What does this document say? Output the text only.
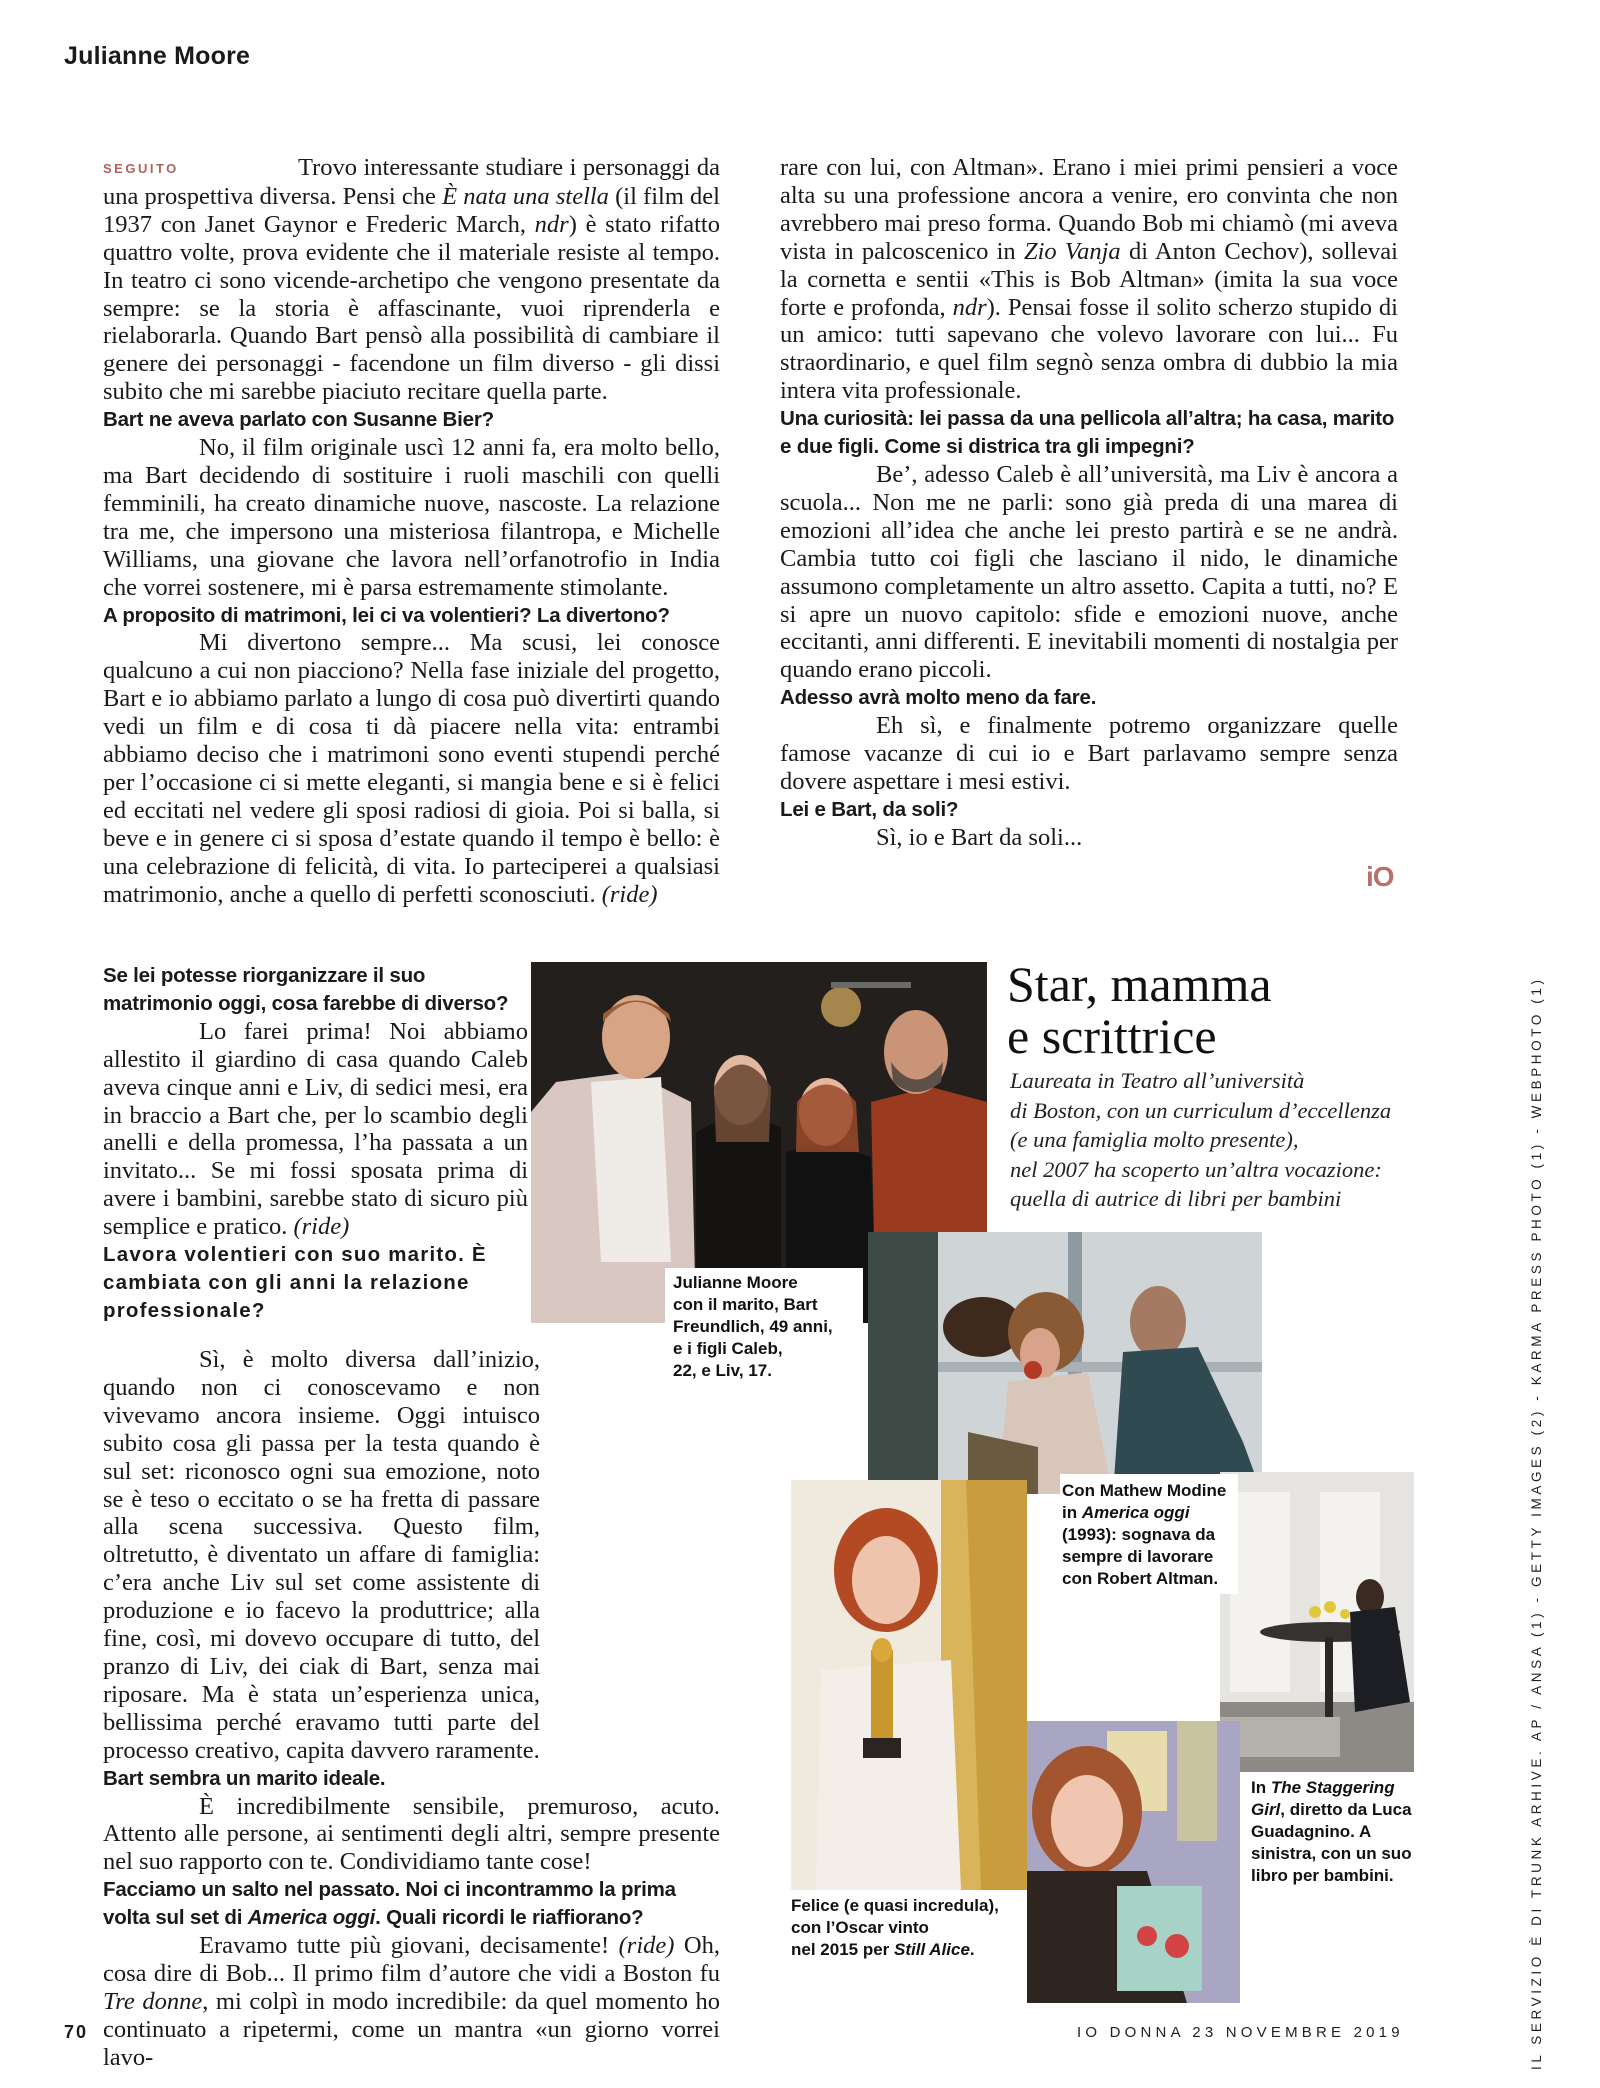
Julianne Moore

SEGUITO	Trovo interessante studiare i personaggi da una prospettiva diversa. Pensi che È nata una stella (il film del 1937 con Janet Gaynor e Frederic March, ndr) è stato rifatto quattro volte, prova evidente che il materiale resiste al tempo. In teatro ci sono vicende-archetipo che vengono presentate da sempre: se la storia è affascinante, vuoi riprenderla e rielaborarla. Quando Bart pensò alla possibilità di cambiare il genere dei personaggi - facendone un film diverso - gli dissi subito che mi sarebbe piaciuto recitare quella parte.

Bart ne aveva parlato con Susanne Bier?

No, il film originale uscì 12 anni fa, era molto bello, ma Bart decidendo di sostituire i ruoli maschili con quelli femminili, ha creato dinamiche nuove, nascoste. La relazione tra me, che impersono una misteriosa filantropa, e Michelle Williams, una giovane che lavora nell’orfanotrofio in India che vorrei sostenere, mi è parsa estremamente stimolante.

A proposito di matrimoni, lei ci va volentieri? La divertono?

Mi divertono sempre... Ma scusi, lei conosce qualcuno a cui non piacciono? Nella fase iniziale del progetto, Bart e io abbiamo parlato a lungo di cosa può divertirti quando vedi un film e di cosa ti dà piacere nella vita: entrambi abbiamo deciso che i matrimoni sono eventi stupendi perché per l’occasione ci si mette eleganti, si mangia bene e si è felici ed eccitati nel vedere gli sposi radiosi di gioia. Poi si balla, si beve e in genere ci si sposa d’estate quando il tempo è bello: è una celebrazione di felicità, di vita. Io parteciperei a qualsiasi matrimonio, anche a quello di perfetti sconosciuti. (ride)

Se lei potesse riorganizzare il suo matrimonio oggi, cosa farebbe di diverso?

Lo farei prima! Noi abbiamo allestito il giardino di casa quando Caleb aveva cinque anni e Liv, di sedici mesi, era in braccio a Bart che, per lo scambio degli anelli e della promessa, l’ha passata a un invitato... Se mi fossi sposata prima di avere i bambini, sarebbe stato di sicuro più semplice e pratico. (ride)

Lavora volentieri con suo marito. È cambiata con gli anni la relazione professionale?

Sì, è molto diversa dall’inizio, quando non ci conoscevamo e non vivevamo ancora insieme. Oggi intuisco subito cosa gli passa per la testa quando è sul set: riconosco ogni sua emozione, noto se è teso o eccitato o se ha fretta di passare alla scena successiva. Questo film, oltretutto, è diventato un affare di famiglia: c’era anche Liv sul set come assistente di produzione e io facevo la produttrice; alla fine, così, mi dovevo occupare di tutto, del pranzo di Liv, dei ciak di Bart, senza mai riposare. Ma è stata un’esperienza unica, bellissima perché eravamo tutti parte del processo creativo, capita davvero raramente.

Bart sembra un marito ideale.

È incredibilmente sensibile, premuroso, acuto. Attento alle persone, ai sentimenti degli altri, sempre presente nel suo rapporto con te. Condividiamo tante cose!

Facciamo un salto nel passato. Noi ci incontrammo la prima volta sul set di America oggi. Quali ricordi le riaffiorano?

Eravamo tutte più giovani, decisamente! (ride) Oh, cosa dire di Bob... Il primo film d’autore che vidi a Boston fu Tre donne, mi colpì in modo incredibile: da quel momento ho continuato a ripetermi, come un mantra «un giorno vorrei lavo-

rare con lui, con Altman». Erano i miei primi pensieri a voce alta su una professione ancora a venire, ero convinta che non avrebbero mai preso forma. Quando Bob mi chiamò (mi aveva vista in palcoscenico in Zio Vanja di Anton Cechov), sollevai la cornetta e sentii «This is Bob Altman» (imita la sua voce forte e profonda, ndr). Pensai fosse il solito scherzo stupido di un amico: tutti sapevano che volevo lavorare con lui... Fu straordinario, e quel film segnò senza ombra di dubbio la mia intera vita professionale.

Una curiosità: lei passa da una pellicola all’altra; ha casa, marito e due figli. Come si districa tra gli impegni?

Be’, adesso Caleb è all’università, ma Liv è ancora a scuola... Non me ne parli: sono già preda di una marea di emozioni all’idea che anche lei presto partirà e se ne andrà. Cambia tutto coi figli che lasciano il nido, le dinamiche assumono completamente un altro assetto. Capita a tutti, no? E si apre un nuovo capitolo: sfide e emozioni nuove, anche eccitanti, anni differenti. E inevitabili momenti di nostalgia per quando erano piccoli.

Adesso avrà molto meno da fare.

Eh sì, e finalmente potremo organizzare quelle famose vacanze di cui io e Bart parlavamo sempre senza dovere aspettare i mesi estivi.

Lei e Bart, da soli?

Sì, io e Bart da soli...

iO
Julianne Moore
con il marito, Bart
Freundlich, 49 anni,
e i figli Caleb,
22, e Liv, 17.
Star, mamma
e scrittrice
Laureata in Teatro all’università
di Boston, con un curriculum d’eccellenza
(e una famiglia molto presente),
nel 2007 ha scoperto un’altra vocazione:
quella di autrice di libri per bambini
Con Mathew Modine
in America oggi
(1993): sognava da
sempre di lavorare
con Robert Altman.
In The Staggering
Girl, diretto da Luca
Guadagnino. A
sinistra, con un suo
libro per bambini.
Felice (e quasi incredula),
con l’Oscar vinto
nel 2015 per Still Alice.
70	IO DONNA 23 NOVEMBRE 2019	IL SERVIZIO È DI TRUNK ARHIVE. AP / ANSA (1) - GETTY IMAGES (2) - KARMA PRESS PHOTO (1) - WEBPHOTO (1)
